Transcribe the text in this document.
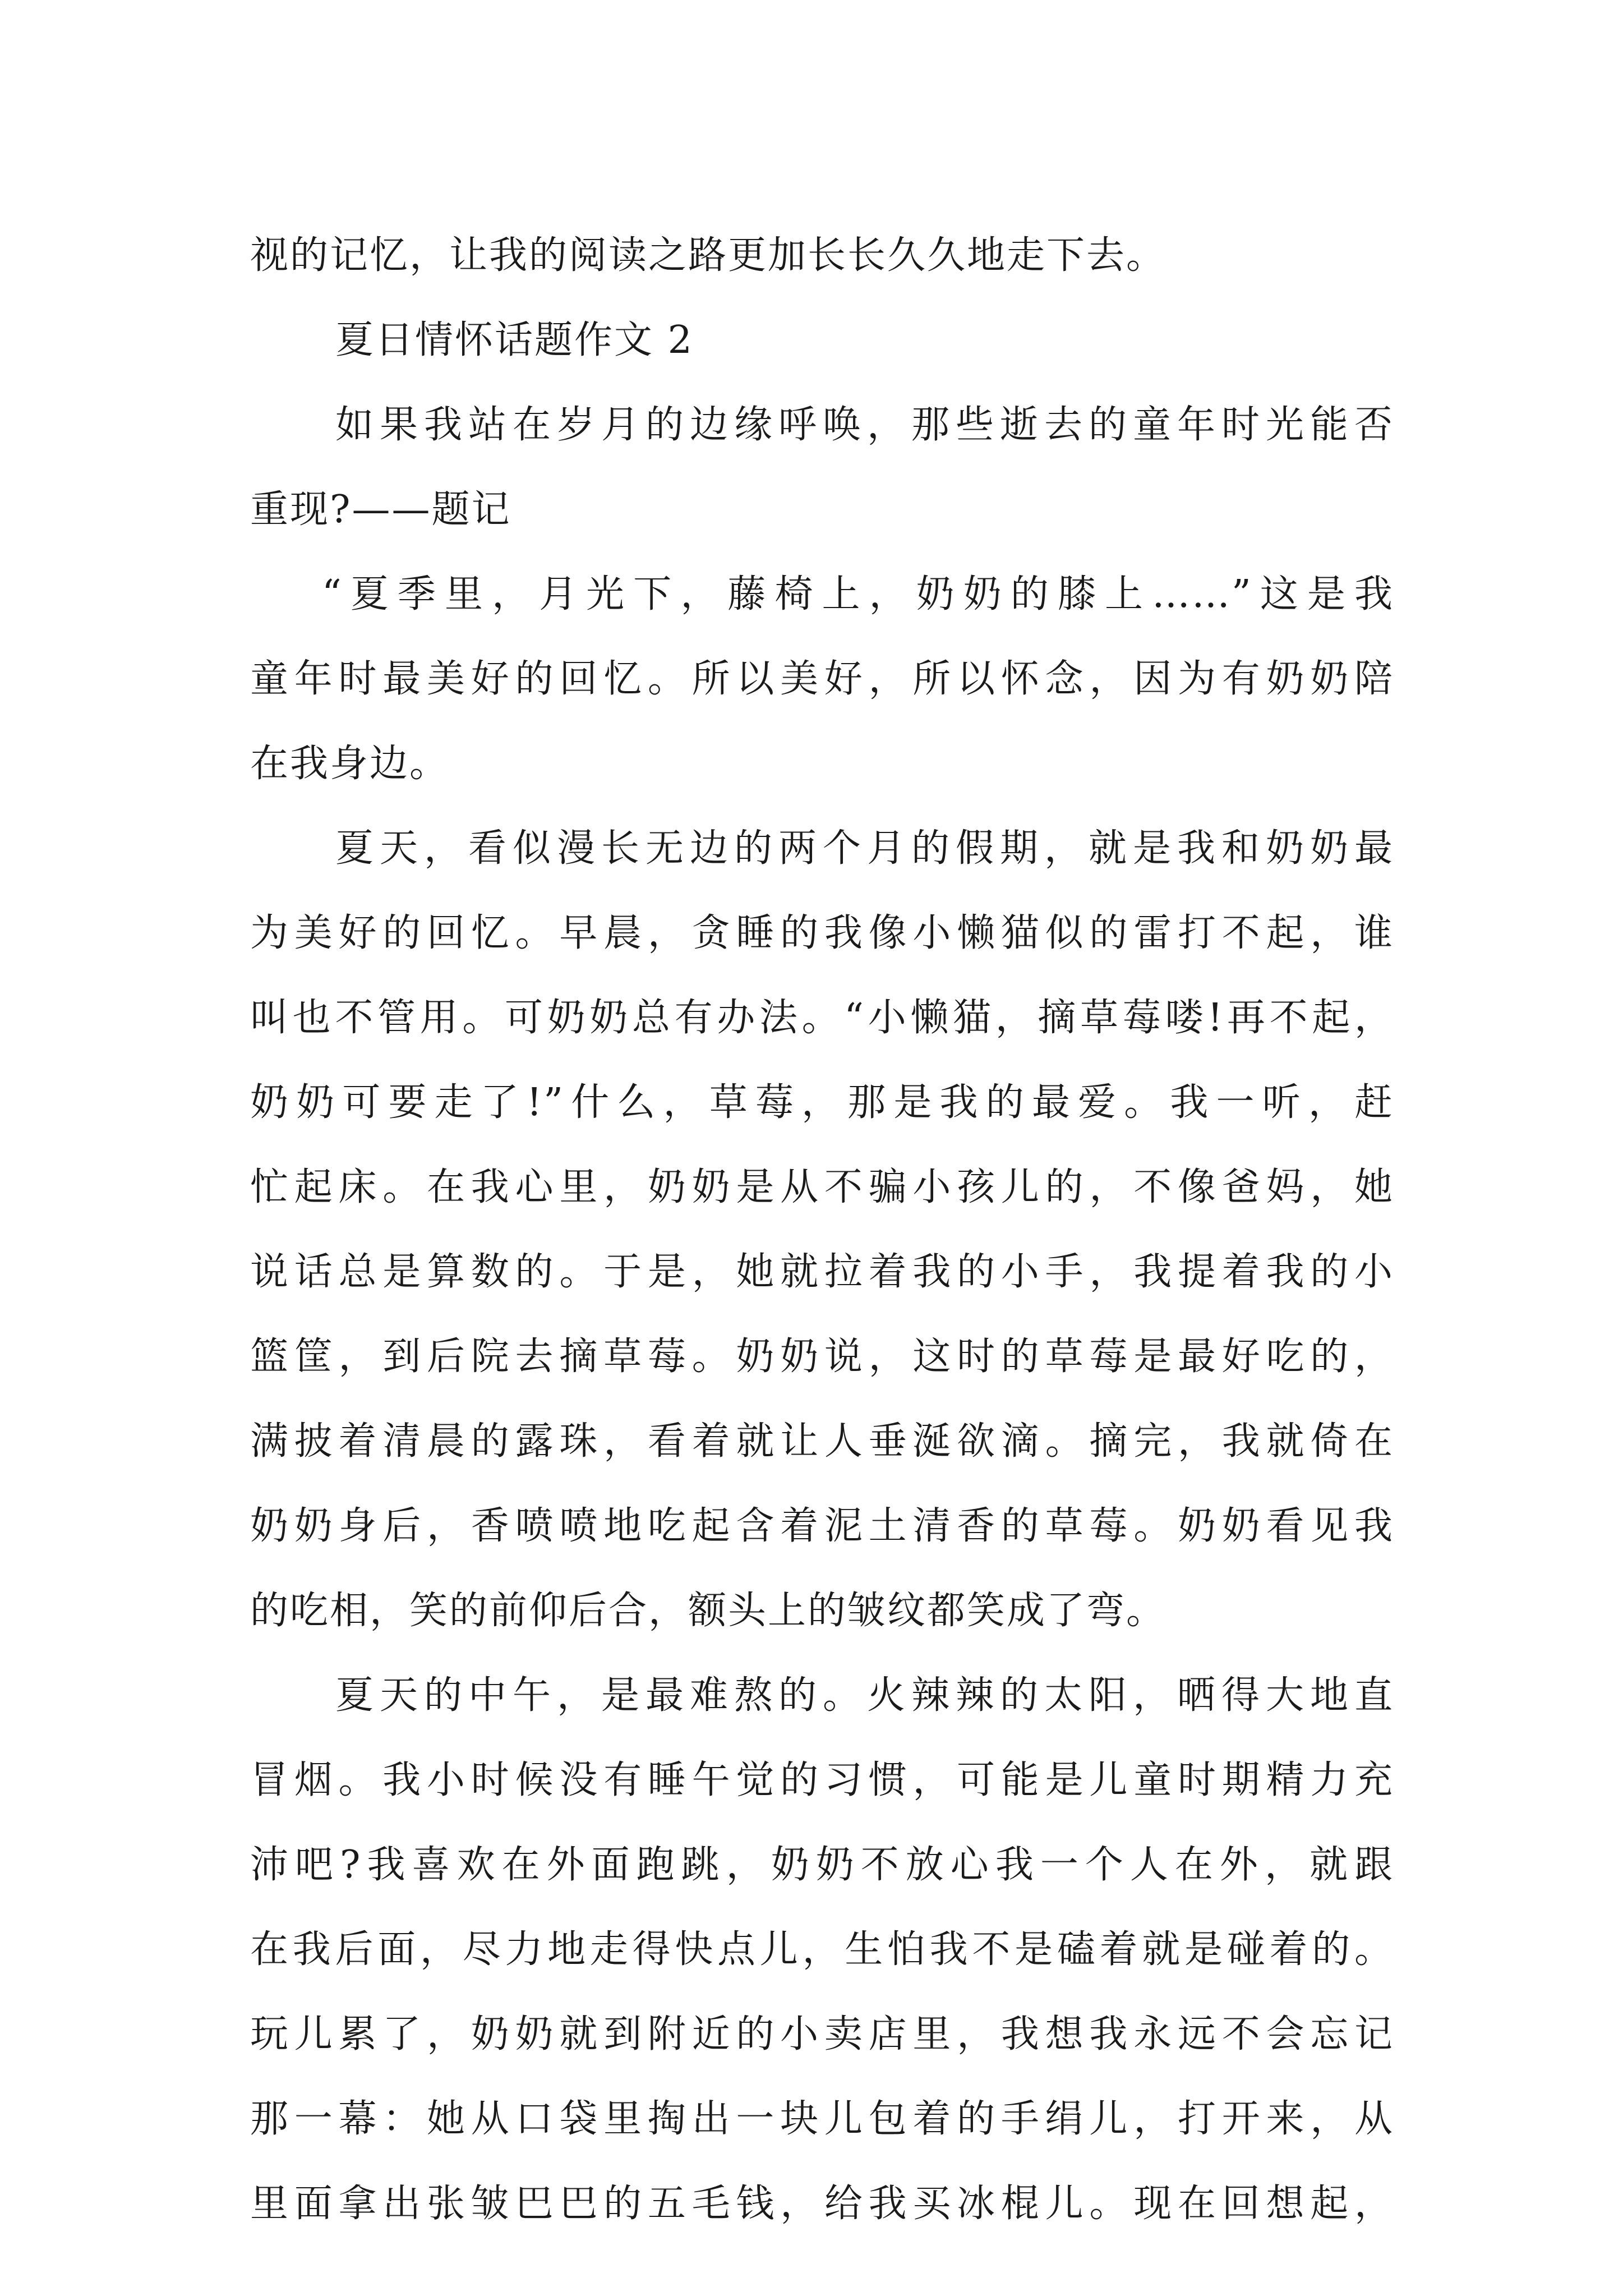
视的记忆，让我的阅读之路更加长长久久地走下去。
夏日情怀话题作文 2
如果我站在岁月的边缘呼唤，那些逝去的童年时光能否
重现?——题记
“夏季里，月光下，藤椅上，奶奶的膝上……”这是我
童年时最美好的回忆。所以美好，所以怀念，因为有奶奶陪
在我身边。
夏天，看似漫长无边的两个月的假期，就是我和奶奶最
为美好的回忆。早晨，贪睡的我像小懒猫似的雷打不起，谁
叫也不管用。可奶奶总有办法。“小懒猫，摘草莓喽!再不起，
奶奶可要走了!”什么，草莓，那是我的最爱。我一听，赶
忙起床。在我心里，奶奶是从不骗小孩儿的，不像爸妈，她
说话总是算数的。于是，她就拉着我的小手，我提着我的小
篮筐，到后院去摘草莓。奶奶说，这时的草莓是最好吃的，
满披着清晨的露珠，看着就让人垂涎欲滴。摘完，我就倚在
奶奶身后，香喷喷地吃起含着泥土清香的草莓。奶奶看见我
的吃相，笑的前仰后合，额头上的皱纹都笑成了弯。
夏天的中午，是最难熬的。火辣辣的太阳，晒得大地直
冒烟。我小时候没有睡午觉的习惯，可能是儿童时期精力充
沛吧?我喜欢在外面跑跳，奶奶不放心我一个人在外，就跟
在我后面，尽力地走得快点儿，生怕我不是磕着就是碰着的。
玩儿累了，奶奶就到附近的小卖店里，我想我永远不会忘记
那一幕：她从口袋里掏出一块儿包着的手绢儿，打开来，从
里面拿出张皱巴巴的五毛钱，给我买冰棍儿。现在回想起，
